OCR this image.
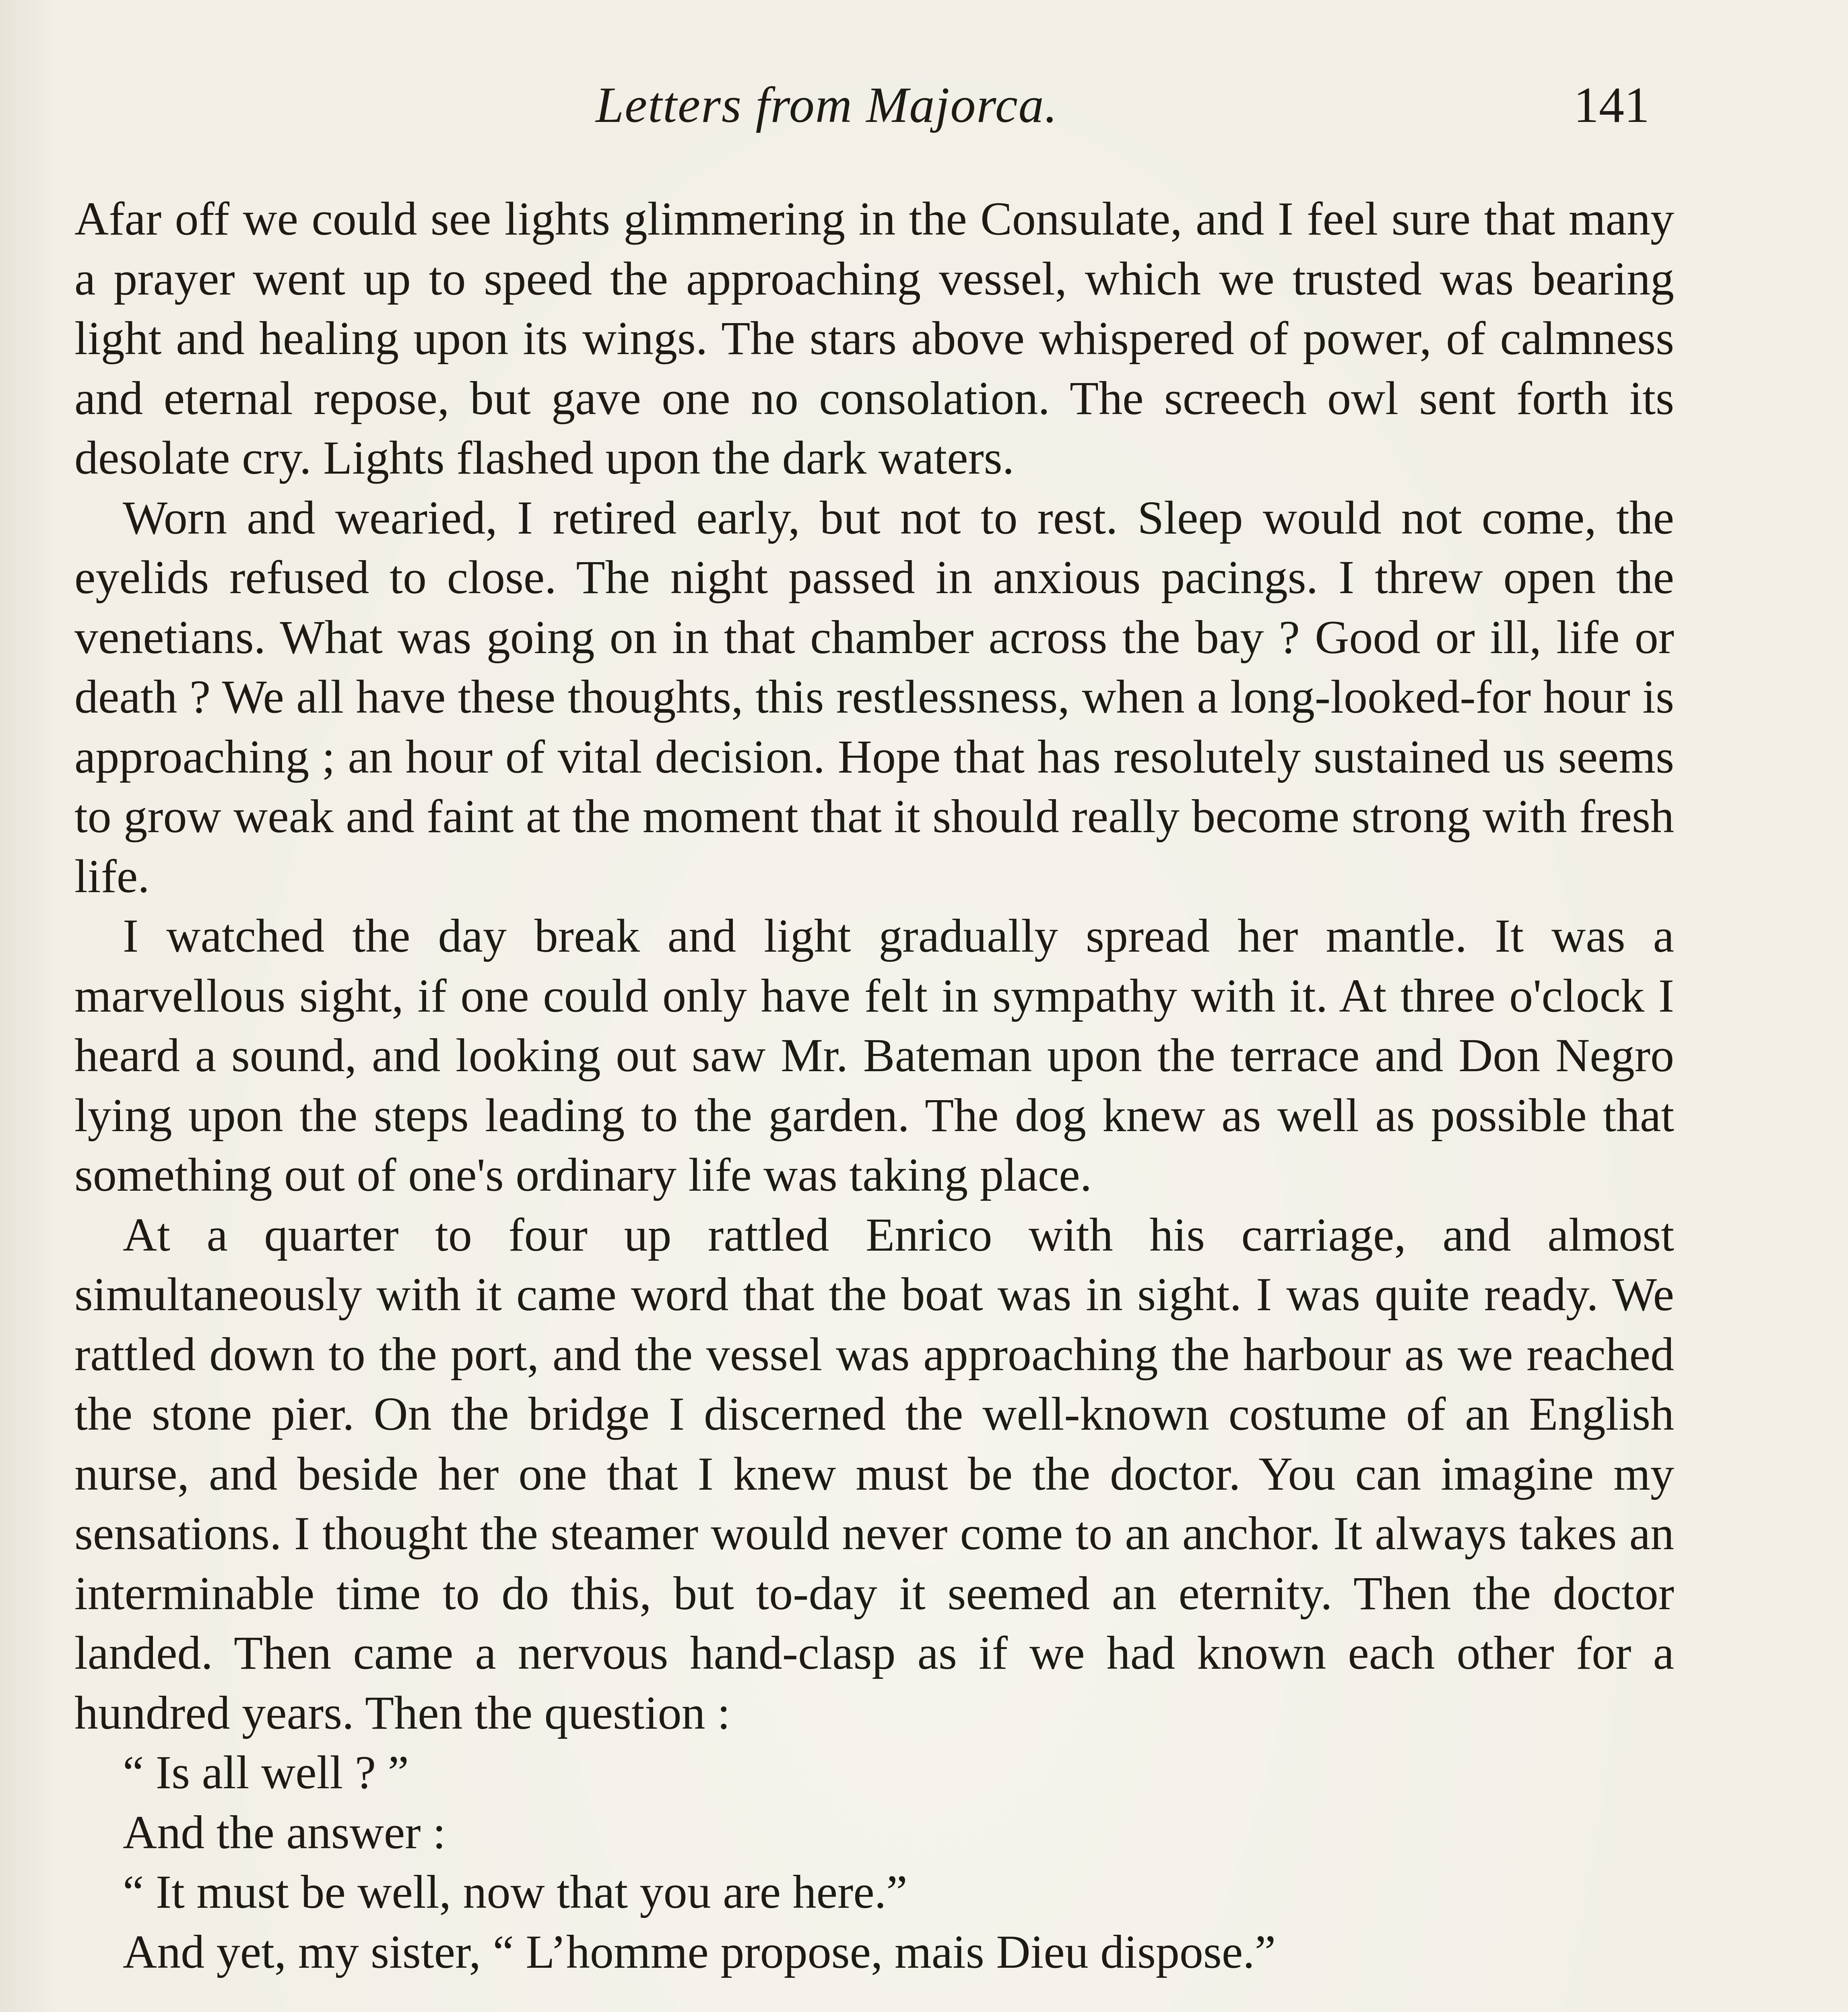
Letters from Majorca.	141

Afar off we could see lights glimmering in the Consulate, and I feel sure that many a prayer went up to speed the approaching vessel, which we trusted was bearing light and healing upon its wings. The stars above whispered of power, of calmness and eternal repose, but gave one no consolation. The screech owl sent forth its desolate cry. Lights flashed upon the dark waters.

Worn and wearied, I retired early, but not to rest. Sleep would not come, the eyelids refused to close. The night passed in anxious pacings. I threw open the venetians. What was going on in that chamber across the bay ? Good or ill, life or death ? We all have these thoughts, this restlessness, when a long-looked-for hour is approaching ; an hour of vital decision. Hope that has resolutely sustained us seems to grow weak and faint at the moment that it should really become strong with fresh life.

I watched the day break and light gradually spread her mantle. It was a marvellous sight, if one could only have felt in sympathy with it. At three o'clock I heard a sound, and looking out saw Mr. Bateman upon the terrace and Don Negro lying upon the steps leading to the garden. The dog knew as well as possible that something out of one's ordinary life was taking place.

At a quarter to four up rattled Enrico with his carriage, and almost simultaneously with it came word that the boat was in sight. I was quite ready. We rattled down to the port, and the vessel was approaching the harbour as we reached the stone pier. On the bridge I discerned the well-known costume of an English nurse, and beside her one that I knew must be the doctor. You can imagine my sensations. I thought the steamer would never come to an anchor. It always takes an interminable time to do this, but to-day it seemed an eternity. Then the doctor landed. Then came a nervous hand-clasp as if we had known each other for a hundred years. Then the question :

“ Is all well ? ”

And the answer :

“ It must be well, now that you are here.”

And yet, my sister, “ L’homme propose, mais Dieu dispose.”
